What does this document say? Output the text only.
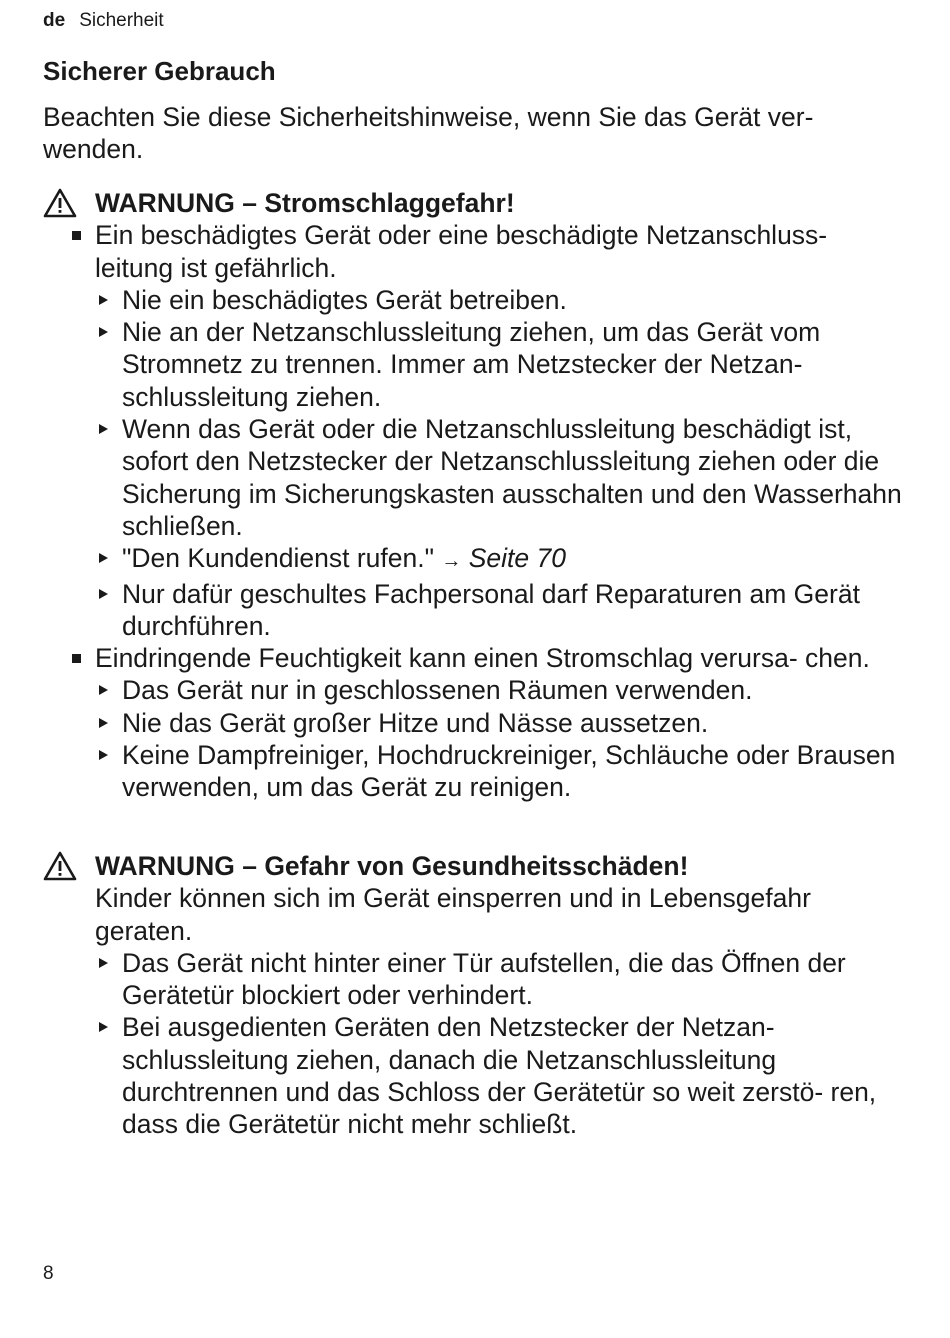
de Sicherheit
Sicherer Gebrauch

Beachten Sie diese Sicherheitshinweise, wenn Sie das Gerät ver- wenden.

WARNUNG – Stromschlaggefahr!
Ein beschädigtes Gerät oder eine beschädigte Netzanschluss- leitung ist gefährlich.
Nie ein beschädigtes Gerät betreiben.
Nie an der Netzanschlussleitung ziehen, um das Gerät vom Stromnetz zu trennen. Immer am Netzstecker der Netzan- schlussleitung ziehen.
Wenn das Gerät oder die Netzanschlussleitung beschädigt ist, sofort den Netzstecker der Netzanschlussleitung ziehen oder die Sicherung im Sicherungskasten ausschalten und den Wasserhahn schließen.
"Den Kundendienst rufen." → Seite 70
Nur dafür geschultes Fachpersonal darf Reparaturen am Gerät durchführen.
Eindringende Feuchtigkeit kann einen Stromschlag verursa- chen.
Das Gerät nur in geschlossenen Räumen verwenden.
Nie das Gerät großer Hitze und Nässe aussetzen.
Keine Dampfreiniger, Hochdruckreiniger, Schläuche oder Brausen verwenden, um das Gerät zu reinigen.
WARNUNG – Gefahr von Gesundheitsschäden!
Kinder können sich im Gerät einsperren und in Lebensgefahr geraten.
Das Gerät nicht hinter einer Tür aufstellen, die das Öffnen der Gerätetür blockiert oder verhindert.
Bei ausgedienten Geräten den Netzstecker der Netzan- schlussleitung ziehen, danach die Netzanschlussleitung durchtrennen und das Schloss der Gerätetür so weit zerstö- ren, dass die Gerätetür nicht mehr schließt.
8
